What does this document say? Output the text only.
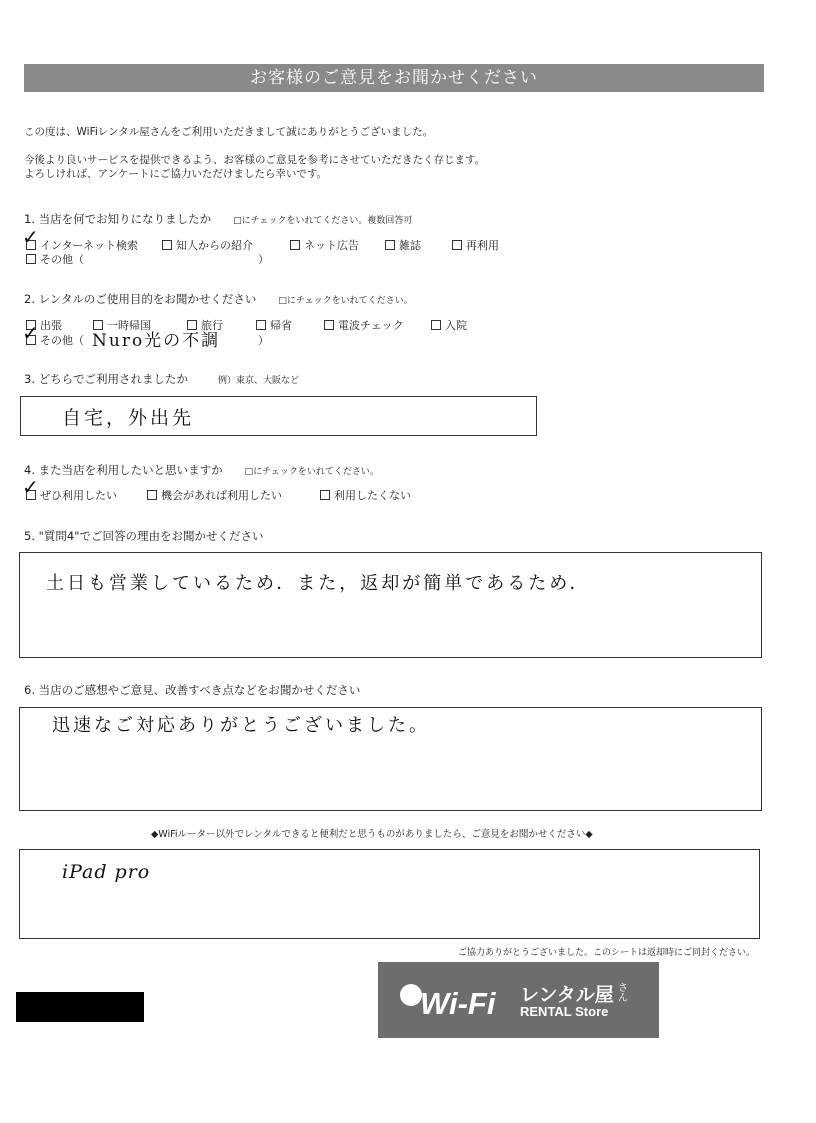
お客様のご意見をお聞かせください
この度は、WiFiレンタル屋さんをご利用いただきまして誠にありがとうございました。
今後より良いサービスを提供できるよう、お客様のご意見を参考にさせていただきたく存じます。
よろしければ、アンケートにご協力いただけましたら幸いです。
1. 当店を何でお知りになりましたか □にチェックをいれてください。複数回答可
インターネット検索	知人からの紹介	ネット広告	雑誌	再利用
その他（	）
✓
2. レンタルのご使用目的をお聞かせください □にチェックをいれてください。
出張	一時帰国	旅行	帰省	電波チェック	入院
その他（ Nuro光の不調	）
✓
3. どちらでご利用されましたか	例）東京、大阪など
自宅，外出先
4. また当店を利用したいと思いますか □にチェックをいれてください。
ぜひ利用したい	機会があれば利用したい	利用したくない
✓
5. "質問4"でご回答の理由をお聞かせください
土日も営業しているため．また，返却が簡単であるため．
6. 当店のご感想やご意見、改善すべき点などをお聞かせください
迅速なご対応ありがとうございました。
◆WiFiルーター以外でレンタルできると便利だと思うものがありましたら、ご意見をお聞かせください◆
iPad pro
ご協力ありがとうございました。このシートは返却時にご同封ください。
Wi-Fi レンタル屋 さん
RENTAL Store
